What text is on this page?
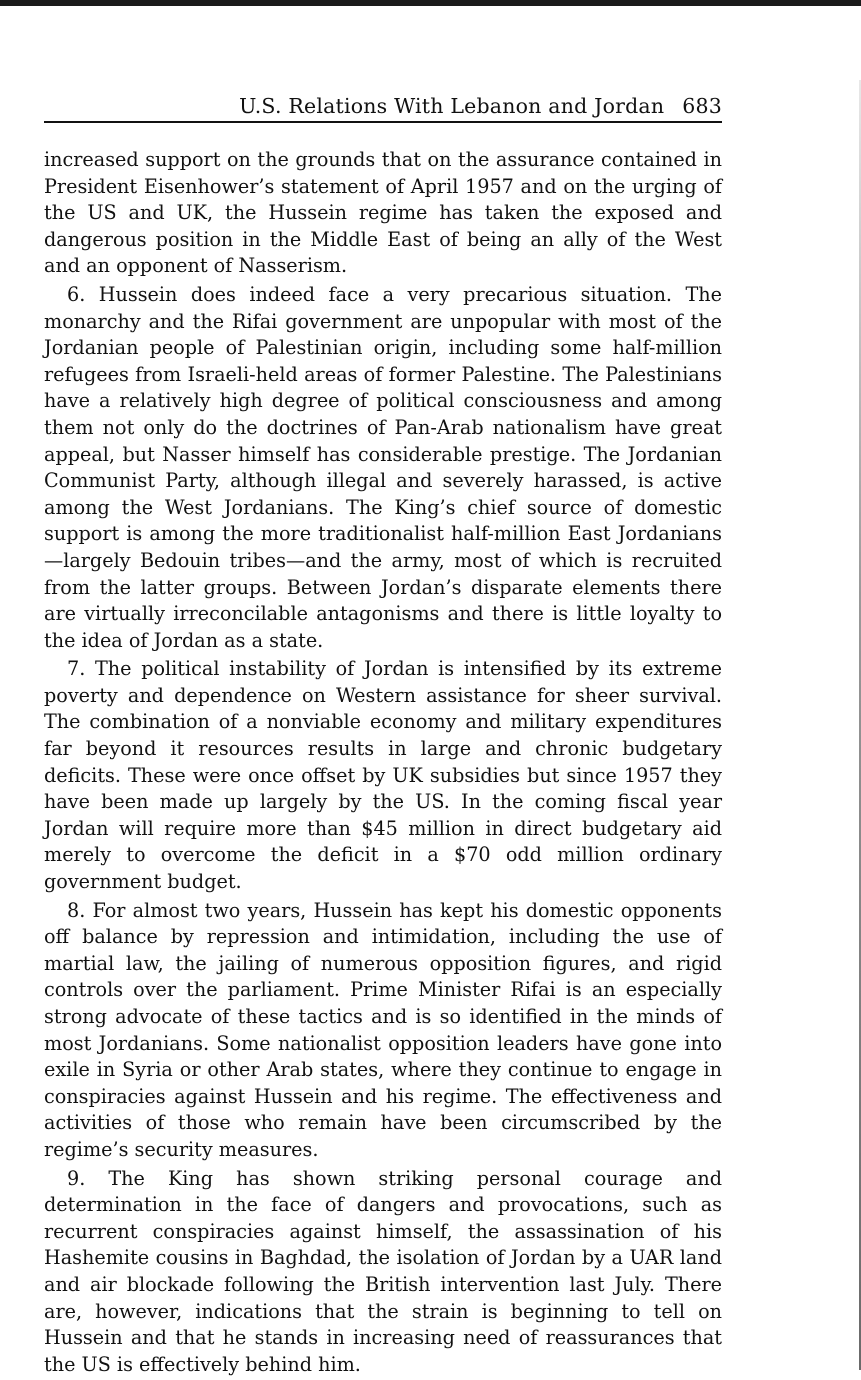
U.S. Relations With Lebanon and Jordan 683

increased support on the grounds that on the assurance contained in President Eisenhower’s statement of April 1957 and on the urging of the US and UK, the Hussein regime has taken the exposed and dangerous position in the Middle East of being an ally of the West and an opponent of Nasserism.

6. Hussein does indeed face a very precarious situation. The monarchy and the Rifai government are unpopular with most of the Jordanian people of Palestinian origin, including some half-million refugees from Israeli-held areas of former Palestine. The Palestinians have a relatively high degree of political consciousness and among them not only do the doctrines of Pan-Arab nationalism have great appeal, but Nasser himself has considerable prestige. The Jordanian Communist Party, although illegal and severely harassed, is active among the West Jordanians. The King’s chief source of domestic support is among the more traditionalist half-million East Jordanians—largely Bedouin tribes—and the army, most of which is recruited from the latter groups. Between Jordan’s disparate elements there are virtually irreconcilable antagonisms and there is little loyalty to the idea of Jordan as a state.

7. The political instability of Jordan is intensified by its extreme poverty and dependence on Western assistance for sheer survival. The combination of a nonviable economy and military expenditures far beyond it resources results in large and chronic budgetary deficits. These were once offset by UK subsidies but since 1957 they have been made up largely by the US. In the coming fiscal year Jordan will require more than $45 million in direct budgetary aid merely to overcome the deficit in a $70 odd million ordinary government budget.

8. For almost two years, Hussein has kept his domestic opponents off balance by repression and intimidation, including the use of martial law, the jailing of numerous opposition figures, and rigid controls over the parliament. Prime Minister Rifai is an especially strong advocate of these tactics and is so identified in the minds of most Jordanians. Some nationalist opposition leaders have gone into exile in Syria or other Arab states, where they continue to engage in conspiracies against Hussein and his regime. The effectiveness and activities of those who remain have been circumscribed by the regime’s security measures.

9. The King has shown striking personal courage and determination in the face of dangers and provocations, such as recurrent conspiracies against himself, the assassination of his Hashemite cousins in Baghdad, the isolation of Jordan by a UAR land and air blockade following the British intervention last July. There are, however, indications that the strain is beginning to tell on Hussein and that he stands in increasing need of reassurances that the US is effectively behind him.
